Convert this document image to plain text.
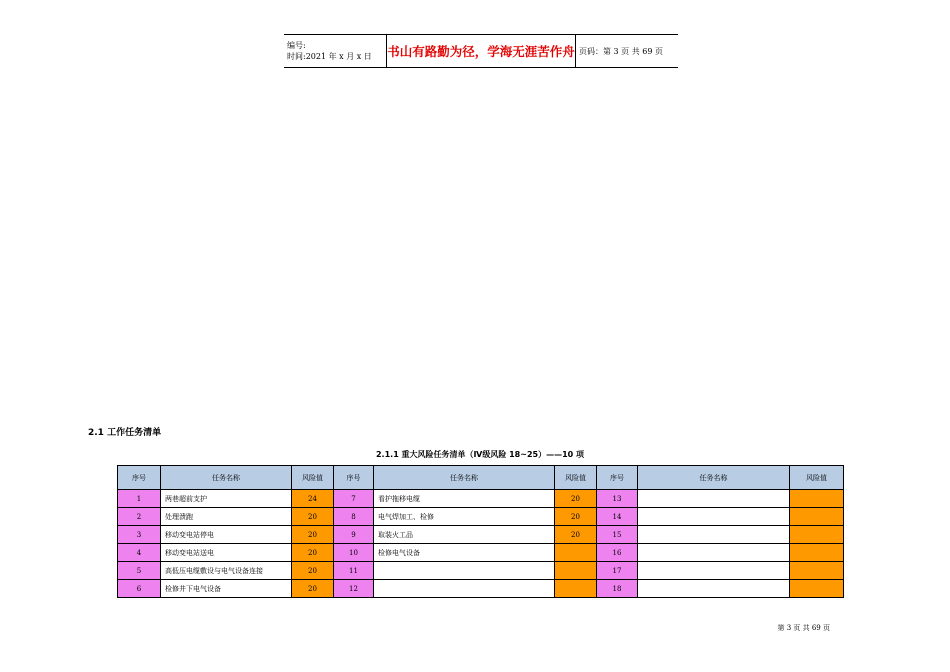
编号:
时间:2021 年 x 月 x 日	书山有路勤为径，学海无涯苦作舟	页码：第 3 页 共 69 页
2.1 工作任务清单
2.1.1 重大风险任务清单（Ⅳ级风险 18~25）——10 项
序号	任务名称	风险值	序号	任务名称	风险值	序号	任务名称	风险值
1	两巷超前支护	24	7	看护拖移电缆	20	13		
2	处理溃跑	20	8	电气焊加工、检修	20	14		
3	移动变电站停电	20	9	取装火工品	20	15		
4	移动变电站送电	20	10	检修电气设备		16		
5	高低压电缆敷设与电气设备连接	20	11			17		
6	检修井下电气设备	20	12			18		
第 3 页 共 69 页
